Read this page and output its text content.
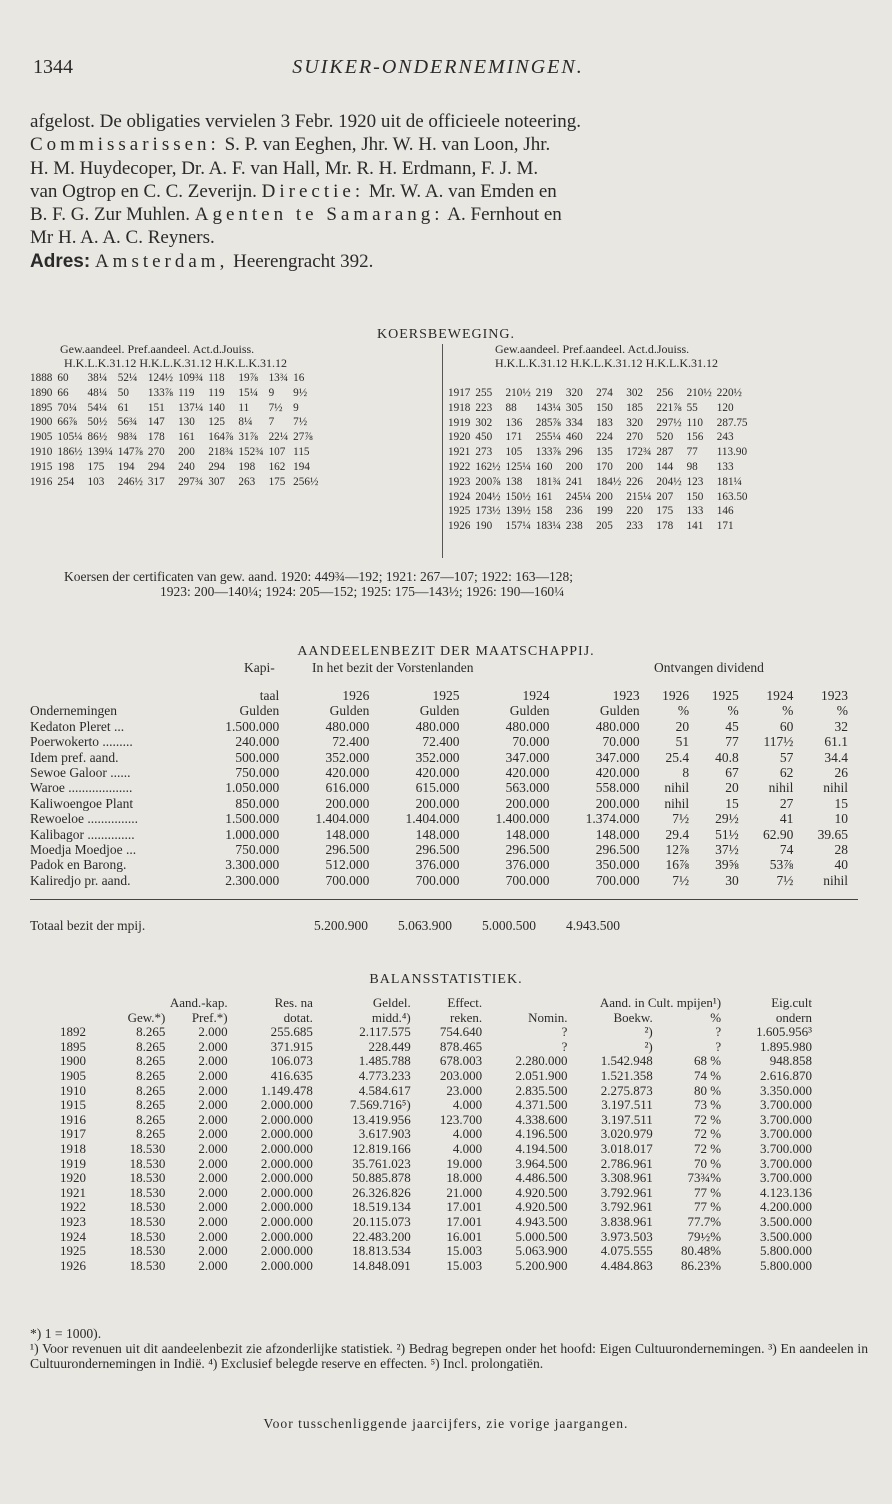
1344	SUIKER-ONDERNEMINGEN.
afgelost. De obligaties vervielen 3 Febr. 1920 uit de officieele noteering.
Commissarissen: S. P. van Eeghen, Jhr. W. H. van Loon, Jhr.
H. M. Huydecoper, Dr. A. F. van Hall, Mr. R. H. Erdmann, F. J. M.
van Ogtrop en C. C. Zeverijn. Directie: Mr. W. A. van Emden en
B. F. G. Zur Muhlen. Agenten te Samarang: A. Fernhout en
Mr H. A. A. C. Reyners.
Adres: Amsterdam, Heerengracht 392.
KOERSBEWEGING.
Gew.aandeel. Pref.aandeel. Act.d.Jouiss.
H.K.L.K.31.12 H.K.L.K.31.12 H.K.L.K.31.12
Gew.aandeel. Pref.aandeel. Act.d.Jouiss.
H.K.L.K.31.12 H.K.L.K.31.12 H.K.L.K.31.12
1888	60	38¼	52¼	124½	109¾	118	19⅞	13¾	16
1890	66	48¼	50	133⅞	119	119	15¼	9	9½
1895	70¼	54¼	61	151	137¼	140	11	7½	9
1900	66⅞	50½	56¾	147	130	125	8¼	7	7½
1905	105¼	86½	98¾	178	161	164⅞	31⅞	22¼	27⅞
1910	186½	139¼	147⅞	270	200	218¾	152¾	107	115
1915	198	175	194	294	240	294	198	162	194
1916	254	103	246½	317	297¾	307	263	175	256½
1917	255	210½	219	320	274	302	256	210½	220½
1918	223	88	143¼	305	150	185	221⅞	55	120
1919	302	136	285⅞	334	183	320	297½	110	287.75
1920	450	171	255¼	460	224	270	520	156	243
1921	273	105	133⅞	296	135	172¾	287	77	113.90
1922	162½	125¼	160	200	170	200	144	98	133
1923	200⅞	138	181¾	241	184½	226	204½	123	181¼
1924	204½	150½	161	245¼	200	215¼	207	150	163.50
1925	173½	139½	158	236	199	220	175	133	146
1926	190	157¼	183¼	238	205	233	178	141	171
Koersen der certificaten van gew. aand. 1920: 449¾—192; 1921: 267—107; 1922: 163—128;
1923: 200—140¼; 1924: 205—152; 1925: 175—143½; 1926: 190—160¼
AANDEELENBEZIT DER MAATSCHAPPIJ.
Kapi-	In het bezit der Vorstenlanden	Ontvangen dividend
	taal	1926	1925	1924	1923	1926	1925	1924	1923
Ondernemingen	Gulden	Gulden	Gulden	Gulden	Gulden	%	%	%	%
Kedaton Pleret ...	1.500.000	480.000	480.000	480.000	480.000	20	45	60	32
Poerwokerto .........	240.000	72.400	72.400	70.000	70.000	51	77	117½	61.1
Idem pref. aand.	500.000	352.000	352.000	347.000	347.000	25.4	40.8	57	34.4
Sewoe Galoor ......	750.000	420.000	420.000	420.000	420.000	8	67	62	26
Waroe ...................	1.050.000	616.000	615.000	563.000	558.000	nihil	20	nihil	nihil
Kaliwoengoe Plant	850.000	200.000	200.000	200.000	200.000	nihil	15	27	15
Rewoeloe ...............	1.500.000	1.404.000	1.404.000	1.400.000	1.374.000	7½	29½	41	10
Kalibagor ..............	1.000.000	148.000	148.000	148.000	148.000	29.4	51½	62.90	39.65
Moedja Moedjoe ...	750.000	296.500	296.500	296.500	296.500	12⅞	37½	74	28
Padok en Barong.	3.300.000	512.000	376.000	376.000	350.000	16⅞	39⅝	53⅞	40
Kaliredjo pr. aand.	2.300.000	700.000	700.000	700.000	700.000	7½	30	7½	nihil
Totaal bezit der mpij.	5.200.900 5.063.900 5.000.500 4.943.500
BALANSSTATISTIEK.
	Aand.-kap.		Res. na	Geldel.	Effect.	Aand. in Cult. mpijen¹)			Eig.cult
	Gew.*)	Pref.*)	dotat.	midd.⁴)	reken.	Nomin.	Boekw.	%	ondern
1892	8.265	2.000	255.685	2.117.575	754.640	?	²)	?	1.605.956³
1895	8.265	2.000	371.915	228.449	878.465	?	²)	?	1.895.980
1900	8.265	2.000	106.073	1.485.788	678.003	2.280.000	1.542.948	68 %	948.858
1905	8.265	2.000	416.635	4.773.233	203.000	2.051.900	1.521.358	74 %	2.616.870
1910	8.265	2.000	1.149.478	4.584.617	23.000	2.835.500	2.275.873	80 %	3.350.000
1915	8.265	2.000	2.000.000	7.569.716⁵)	4.000	4.371.500	3.197.511	73 %	3.700.000
1916	8.265	2.000	2.000.000	13.419.956	123.700	4.338.600	3.197.511	72 %	3.700.000
1917	8.265	2.000	2.000.000	3.617.903	4.000	4.196.500	3.020.979	72 %	3.700.000
1918	18.530	2.000	2.000.000	12.819.166	4.000	4.194.500	3.018.017	72 %	3.700.000
1919	18.530	2.000	2.000.000	35.761.023	19.000	3.964.500	2.786.961	70 %	3.700.000
1920	18.530	2.000	2.000.000	50.885.878	18.000	4.486.500	3.308.961	73¾%	3.700.000
1921	18.530	2.000	2.000.000	26.326.826	21.000	4.920.500	3.792.961	77 %	4.123.136
1922	18.530	2.000	2.000.000	18.519.134	17.001	4.920.500	3.792.961	77 %	4.200.000
1923	18.530	2.000	2.000.000	20.115.073	17.001	4.943.500	3.838.961	77.7%	3.500.000
1924	18.530	2.000	2.000.000	22.483.200	16.001	5.000.500	3.973.503	79½%	3.500.000
1925	18.530	2.000	2.000.000	18.813.534	15.003	5.063.900	4.075.555	80.48%	5.800.000
1926	18.530	2.000	2.000.000	14.848.091	15.003	5.200.900	4.484.863	86.23%	5.800.000
*) 1 = 1000).
¹) Voor revenuen uit dit aandeelenbezit zie afzonderlijke statistiek. ²) Bedrag begrepen onder het hoofd: Eigen Cultuurondernemingen. ³) En aandeelen in Cultuurondernemingen in Indië. ⁴) Exclusief belegde reserve en effecten. ⁵) Incl. prolongatiën.
Voor tusschenliggende jaarcijfers, zie vorige jaargangen.
